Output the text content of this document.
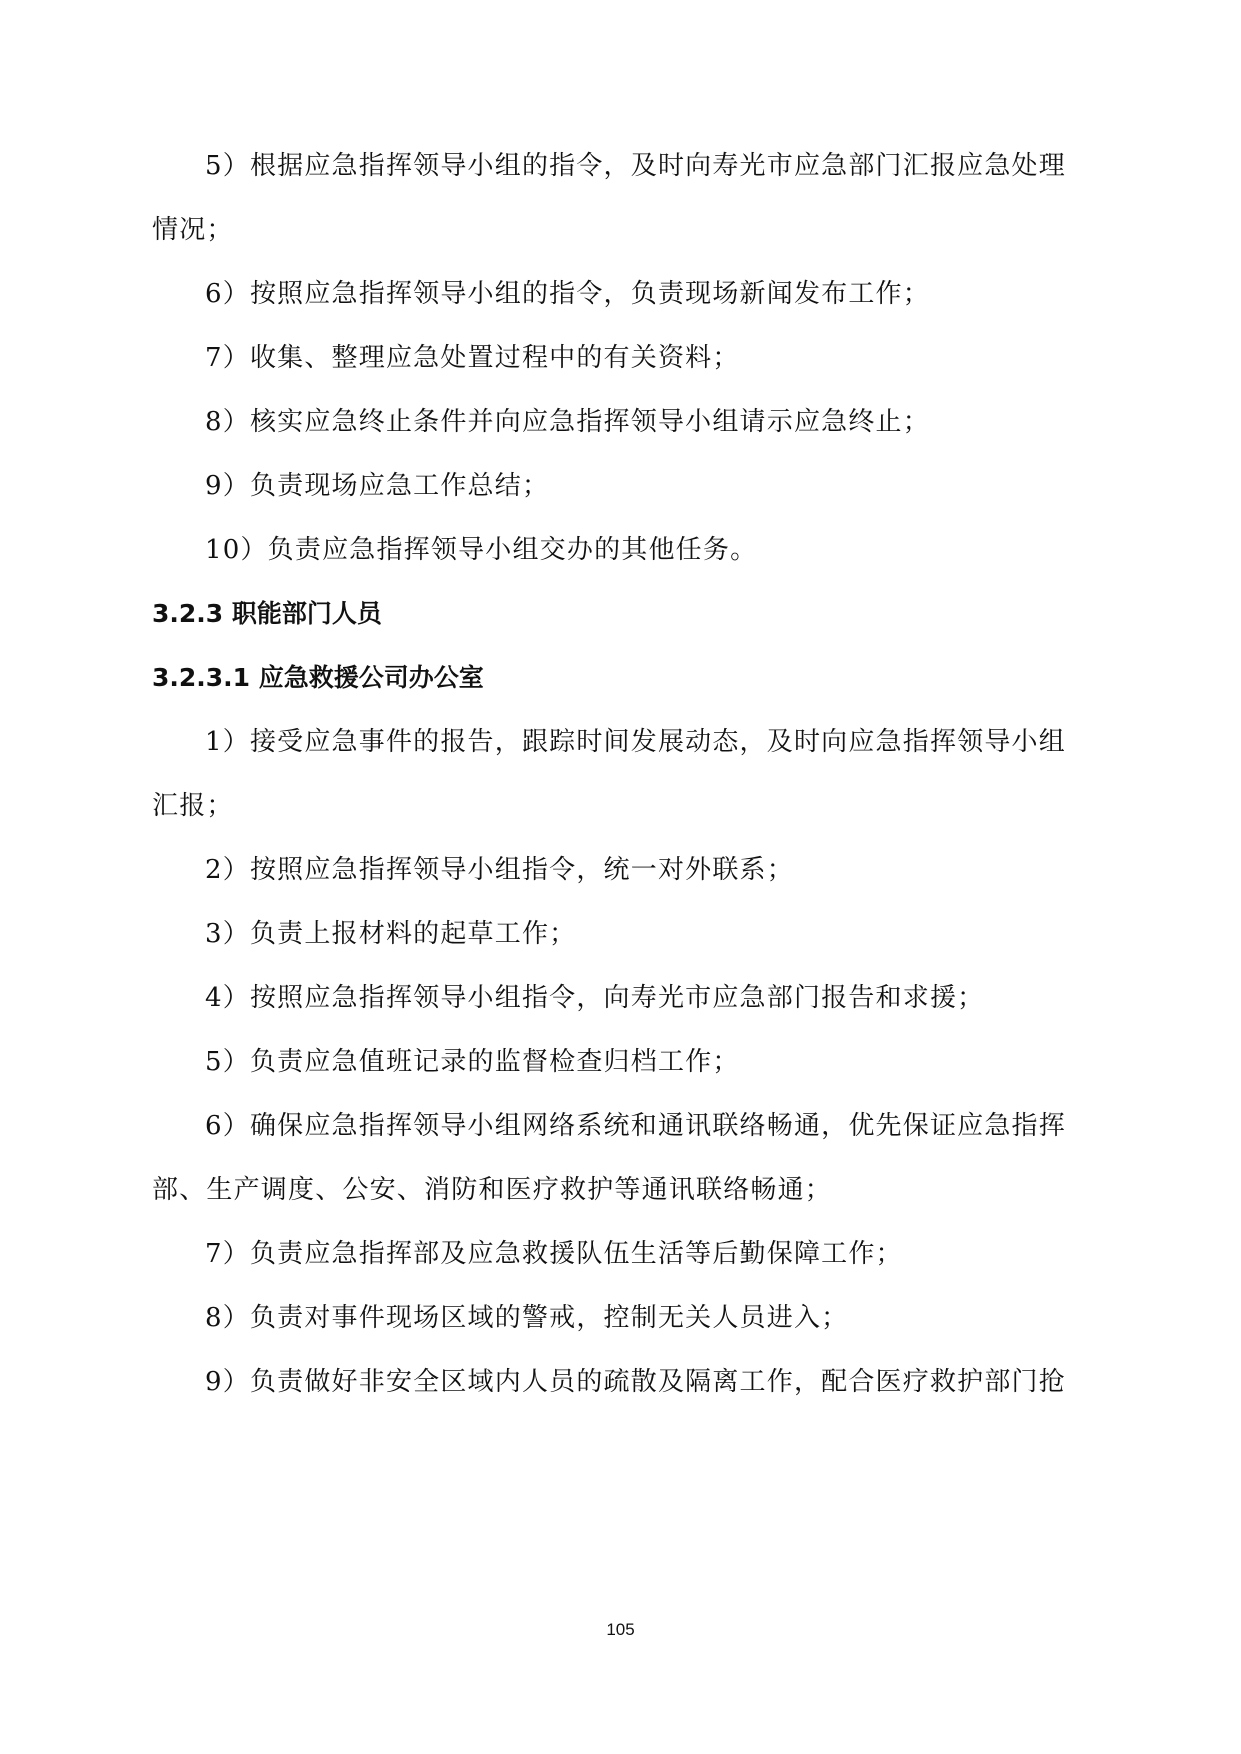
5）根据应急指挥领导小组的指令，及时向寿光市应急部门汇报应急处理
情况；
6）按照应急指挥领导小组的指令，负责现场新闻发布工作；
7）收集、整理应急处置过程中的有关资料；
8）核实应急终止条件并向应急指挥领导小组请示应急终止；
9）负责现场应急工作总结；
10）负责应急指挥领导小组交办的其他任务。
3.2.3 职能部门人员
3.2.3.1 应急救援公司办公室
1）接受应急事件的报告，跟踪时间发展动态，及时向应急指挥领导小组
汇报；
2）按照应急指挥领导小组指令，统一对外联系；
3）负责上报材料的起草工作；
4）按照应急指挥领导小组指令，向寿光市应急部门报告和求援；
5）负责应急值班记录的监督检查归档工作；
6）确保应急指挥领导小组网络系统和通讯联络畅通，优先保证应急指挥
部、生产调度、公安、消防和医疗救护等通讯联络畅通；
7）负责应急指挥部及应急救援队伍生活等后勤保障工作；
8）负责对事件现场区域的警戒，控制无关人员进入；
9）负责做好非安全区域内人员的疏散及隔离工作，配合医疗救护部门抢
105
